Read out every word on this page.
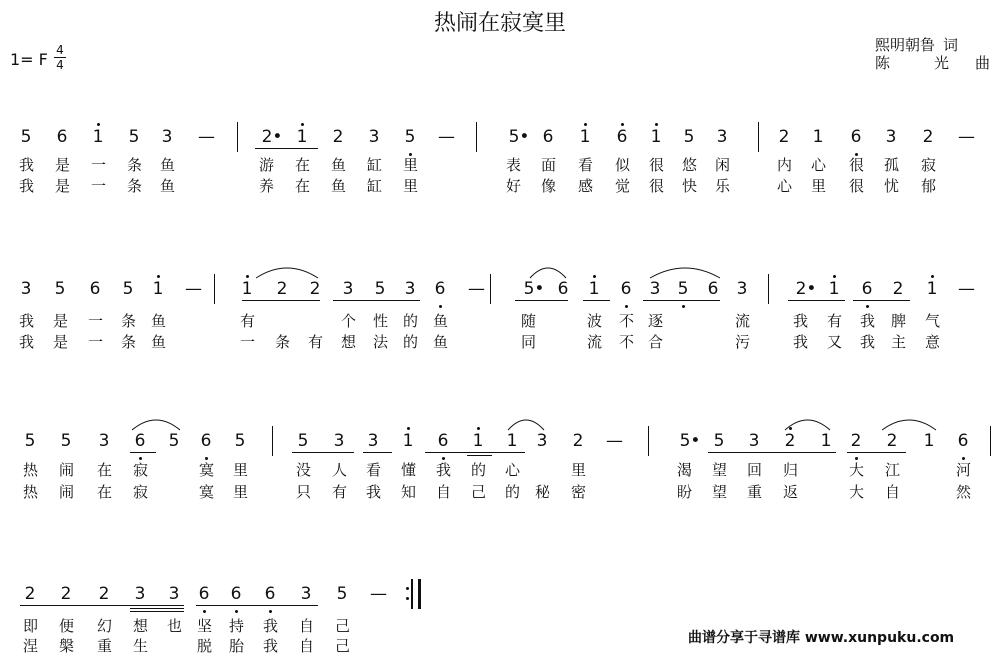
热闹在寂寞里
1= F 4
4
熙明朝鲁 词
陈	光 曲
5 6 1 5 3 —	2• 1 2 3 5 —	5• 6 1 6 1 5 3	2 1 6 3 2 —
3 5 6 5 1 — 1 2 2 3 5 3 6 — 5• 6 1 6 3 5 6 3	2• 1 6 2 1 —
5 5 3 6 5 6 5	5 3 3 1 6 1 1 3 2 —	5• 5 3 2 1 2 2 1 6
2 2 2 3 3 6 6 6 3 5 —
我 是 一 条 鱼	游 在 鱼 缸 里	表 面 看 似 很 悠 闲	内 心 很 孤 寂
我 是 一 条 鱼	养 在 鱼 缸 里	好 像 感 觉 很 快 乐	心 里 很 忧 郁
我 是 一 条 鱼	有	个 性 的 鱼	随	波 不 逐	流	我 有 我 脾 气
我 是 一 条 鱼	一 条 有 想 法 的 鱼	同	流 不 合	污	我 又 我 主 意
热 闹 在 寂	寞 里	没 人 看 懂 我 的 心	里	渴 望 回 归	大 江	河
热 闹 在 寂	寞 里	只 有 我 知 自 己 的 秘 密	盼 望 重 返	大 自	然
即 便 幻 想 也 坚 持 我 自 己
涅 槃 重 生	脱 胎 我 自 己	曲谱分享于寻谱库 www.xunpuku.com
